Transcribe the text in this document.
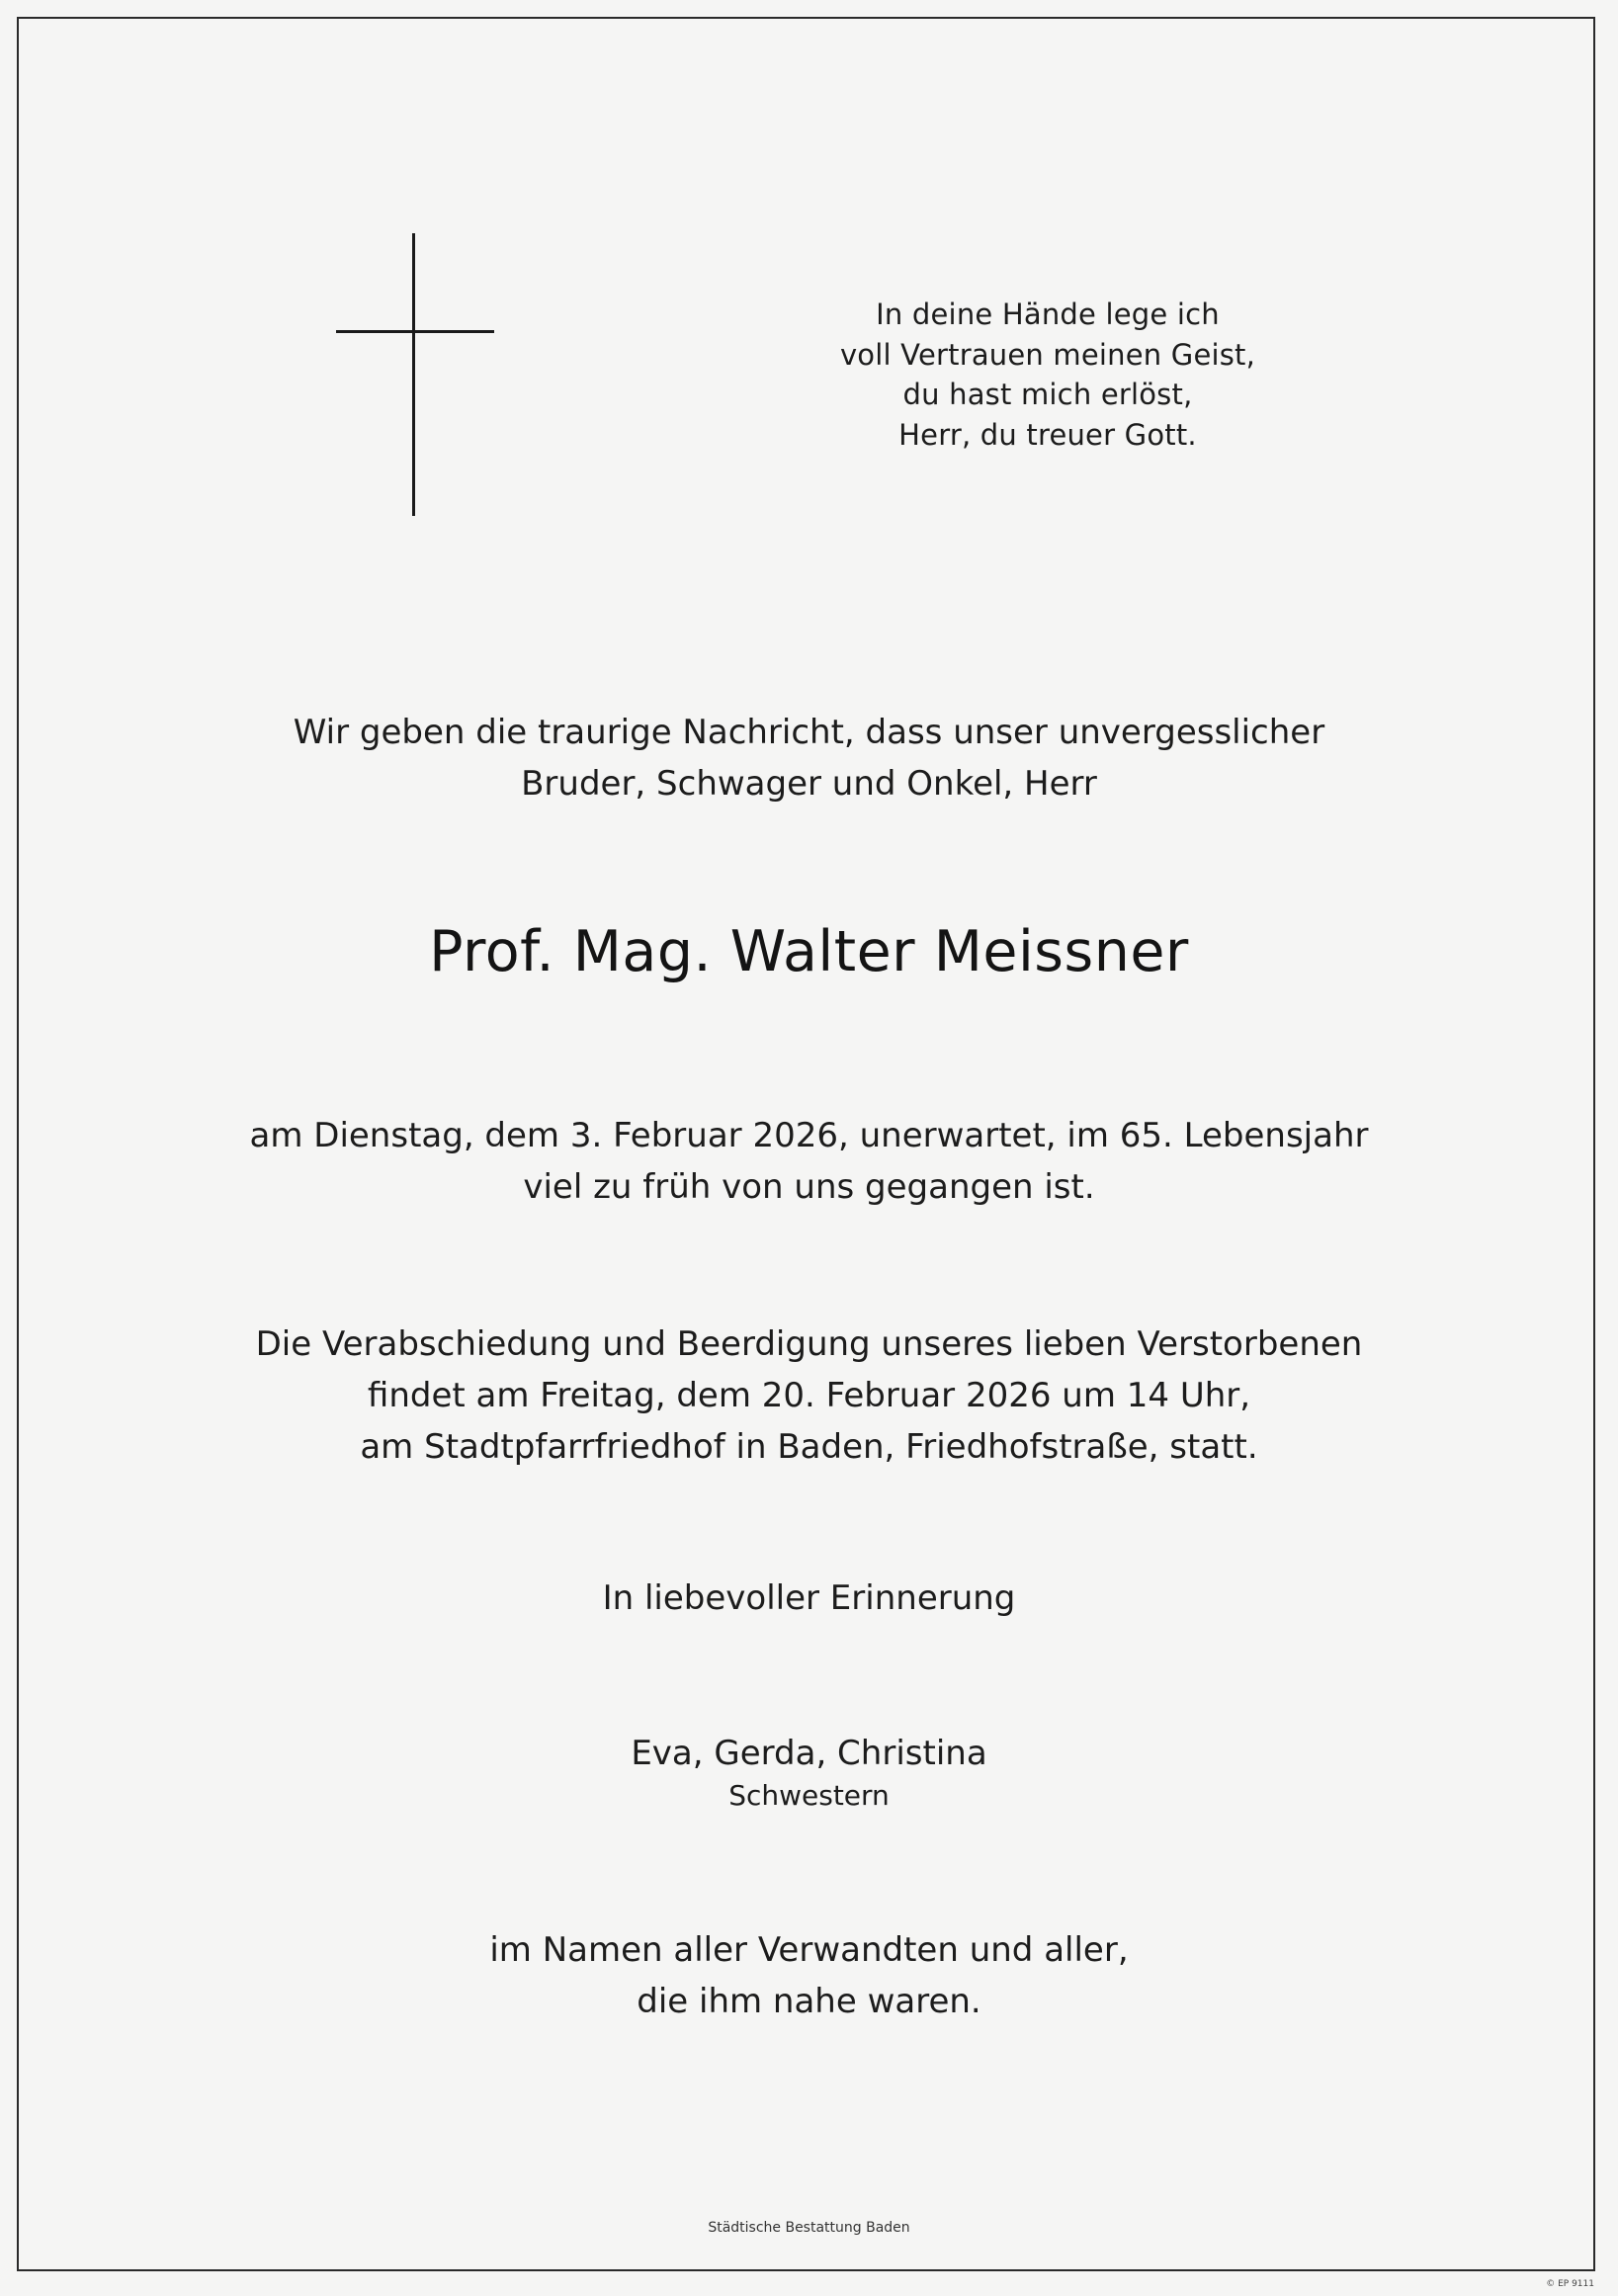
In deine Hände lege ich
voll Vertrauen meinen Geist,
du hast mich erlöst,
Herr, du treuer Gott.
Wir geben die traurige Nachricht, dass unser unvergesslicher
Bruder, Schwager und Onkel, Herr
Prof. Mag. Walter Meissner
am Dienstag, dem 3. Februar 2026, unerwartet, im 65. Lebensjahr
viel zu früh von uns gegangen ist.
Die Verabschiedung und Beerdigung unseres lieben Verstorbenen
findet am Freitag, dem 20. Februar 2026 um 14 Uhr,
am Stadtpfarrfriedhof in Baden, Friedhofstraße, statt.
In liebevoller Erinnerung
Eva, Gerda, Christina
Schwestern
im Namen aller Verwandten und aller,
die ihm nahe waren.
Städtische Bestattung Baden
© EP 9111
